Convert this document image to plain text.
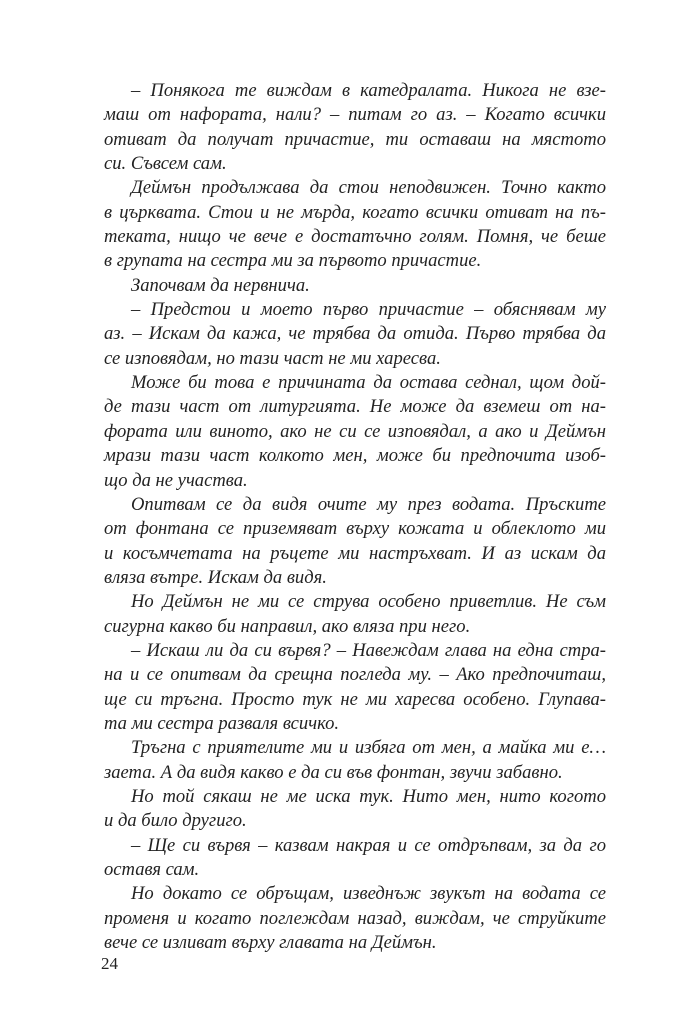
– Понякога те виждам в катедралата. Никога не взе-
маш от нафората, нали? – питам го аз. – Когато всички
отиват да получат причастие, ти оставаш на мястото
си. Съвсем сам.
Деймън продължава да стои неподвижен. Точно както
в църквата. Стои и не мърда, когато всички отиват на пъ-
теката, нищо че вече е достатъчно голям. Помня, че беше
в групата на сестра ми за първото причастие.
Започвам да нервнича.
– Предстои и моето първо причастие – обяснявам му
аз. – Искам да кажа, че трябва да отида. Първо трябва да
се изповядам, но тази част не ми харесва.
Може би това е причината да остава седнал, щом дой-
де тази част от литургията. Не може да вземеш от на-
фората или виното, ако не си се изповядал, а ако и Деймън
мрази тази част колкото мен, може би предпочита изоб-
що да не участва.
Опитвам се да видя очите му през водата. Пръските
от фонтана се приземяват върху кожата и облеклото ми
и косъмчетата на ръцете ми настръхват. И аз искам да
вляза вътре. Искам да видя.
Но Деймън не ми се струва особено приветлив. Не съм
сигурна какво би направил, ако вляза при него.
– Искаш ли да си вървя? – Навеждам глава на една стра-
на и се опитвам да срещна погледа му. – Ако предпочиташ,
ще си тръгна. Просто тук не ми харесва особено. Глупава-
та ми сестра разваля всичко.
Тръгна с приятелите ми и избяга от мен, а майка ми е…
заета. А да видя какво е да си във фонтан, звучи забавно.
Но той сякаш не ме иска тук. Нито мен, нито когото
и да било другиго.
– Ще си вървя – казвам накрая и се отдръпвам, за да го
оставя сам.
Но докато се обръщам, изведнъж звукът на водата се
променя и когато поглеждам назад, виждам, че струйките
вече се изливат върху главата на Деймън.
24
